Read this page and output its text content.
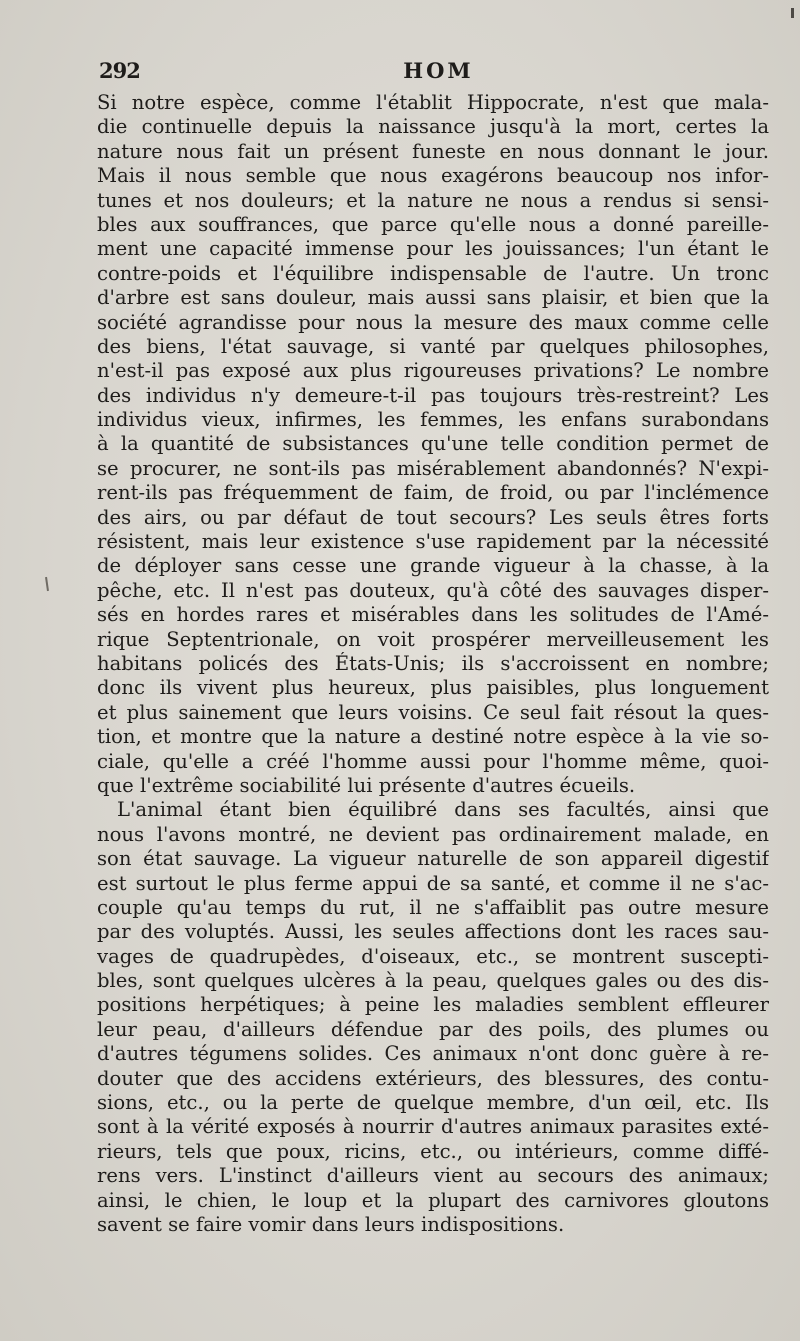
292	HOM
Si notre espèce, comme l'établit Hippocrate, n'est que mala-
die continuelle depuis la naissance jusqu'à la mort, certes la
nature nous fait un présent funeste en nous donnant le jour.
Mais il nous semble que nous exagérons beaucoup nos infor-
tunes et nos douleurs; et la nature ne nous a rendus si sensi-
bles aux souffrances, que parce qu'elle nous a donné pareille-
ment une capacité immense pour les jouissances; l'un étant le
contre-poids et l'équilibre indispensable de l'autre. Un tronc
d'arbre est sans douleur, mais aussi sans plaisir, et bien que la
société agrandisse pour nous la mesure des maux comme celle
des biens, l'état sauvage, si vanté par quelques philosophes,
n'est-il pas exposé aux plus rigoureuses privations? Le nombre
des individus n'y demeure-t-il pas toujours très-restreint? Les
individus vieux, infirmes, les femmes, les enfans surabondans
à la quantité de subsistances qu'une telle condition permet de
se procurer, ne sont-ils pas misérablement abandonnés? N'expi-
rent-ils pas fréquemment de faim, de froid, ou par l'inclémence
des airs, ou par défaut de tout secours? Les seuls êtres forts
résistent, mais leur existence s'use rapidement par la nécessité
de déployer sans cesse une grande vigueur à la chasse, à la
pêche, etc. Il n'est pas douteux, qu'à côté des sauvages disper-
sés en hordes rares et misérables dans les solitudes de l'Amé-
rique Septentrionale, on voit prospérer merveilleusement les
habitans policés des États-Unis; ils s'accroissent en nombre;
donc ils vivent plus heureux, plus paisibles, plus longuement
et plus sainement que leurs voisins. Ce seul fait résout la ques-
tion, et montre que la nature a destiné notre espèce à la vie so-
ciale, qu'elle a créé l'homme aussi pour l'homme même, quoi-
que l'extrême sociabilité lui présente d'autres écueils.
L'animal étant bien équilibré dans ses facultés, ainsi que
nous l'avons montré, ne devient pas ordinairement malade, en
son état sauvage. La vigueur naturelle de son appareil digestif
est surtout le plus ferme appui de sa santé, et comme il ne s'ac-
couple qu'au temps du rut, il ne s'affaiblit pas outre mesure
par des voluptés. Aussi, les seules affections dont les races sau-
vages de quadrupèdes, d'oiseaux, etc., se montrent suscepti-
bles, sont quelques ulcères à la peau, quelques gales ou des dis-
positions herpétiques; à peine les maladies semblent effleurer
leur peau, d'ailleurs défendue par des poils, des plumes ou
d'autres tégumens solides. Ces animaux n'ont donc guère à re-
douter que des accidens extérieurs, des blessures, des contu-
sions, etc., ou la perte de quelque membre, d'un œil, etc. Ils
sont à la vérité exposés à nourrir d'autres animaux parasites exté-
rieurs, tels que poux, ricins, etc., ou intérieurs, comme diffé-
rens vers. L'instinct d'ailleurs vient au secours des animaux;
ainsi, le chien, le loup et la plupart des carnivores gloutons
savent se faire vomir dans leurs indispositions.
